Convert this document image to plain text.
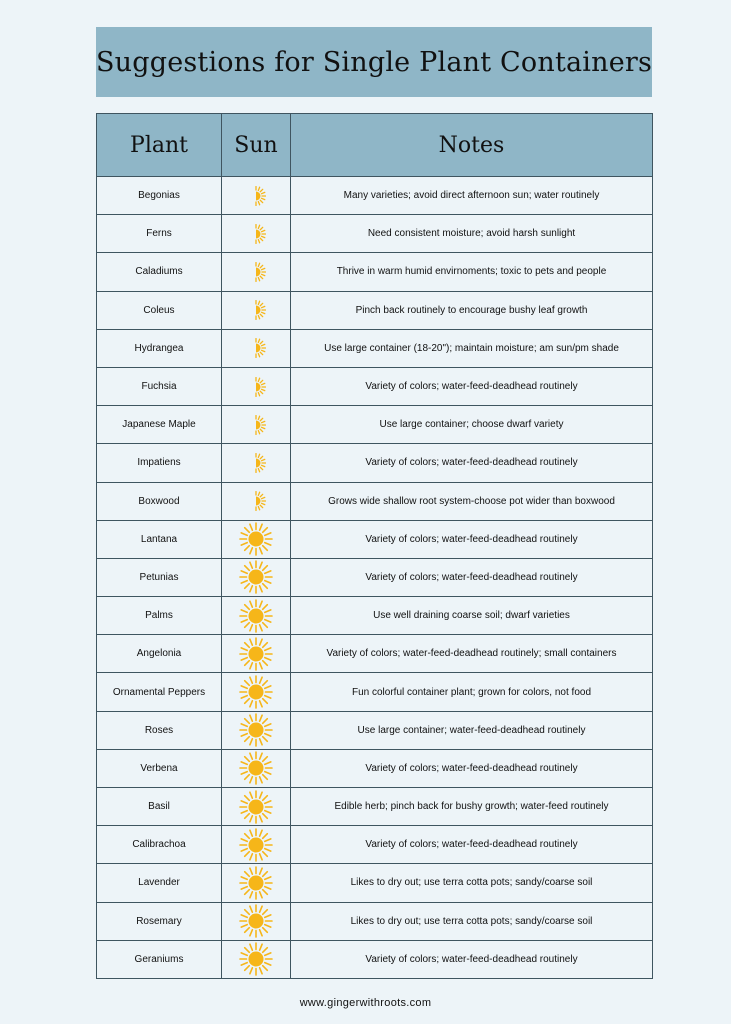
Suggestions for Single Plant Containers
Plant	Sun	Notes
Begonias		Many varieties; avoid direct afternoon sun; water routinely
Ferns		Need consistent moisture; avoid harsh sunlight
Caladiums		Thrive in warm humid envirnoments; toxic to pets and people
Coleus		Pinch back routinely to encourage bushy leaf growth
Hydrangea		Use large container (18-20"); maintain moisture; am sun/pm shade
Fuchsia		Variety of colors; water-feed-deadhead routinely
Japanese Maple		Use large container; choose dwarf variety
Impatiens		Variety of colors; water-feed-deadhead routinely
Boxwood		Grows wide shallow root system-choose pot wider than boxwood
Lantana		Variety of colors; water-feed-deadhead routinely
Petunias		Variety of colors; water-feed-deadhead routinely
Palms		Use well draining coarse soil; dwarf varieties
Angelonia		Variety of colors; water-feed-deadhead routinely; small containers
Ornamental Peppers		Fun colorful container plant; grown for colors, not food
Roses		Use large container; water-feed-deadhead routinely
Verbena		Variety of colors; water-feed-deadhead routinely
Basil		Edible herb; pinch back for bushy growth; water-feed routinely
Calibrachoa		Variety of colors; water-feed-deadhead routinely
Lavender		Likes to dry out; use terra cotta pots; sandy/coarse soil
Rosemary		Likes to dry out; use terra cotta pots; sandy/coarse soil
Geraniums		Variety of colors; water-feed-deadhead routinely
www.gingerwithroots.com
